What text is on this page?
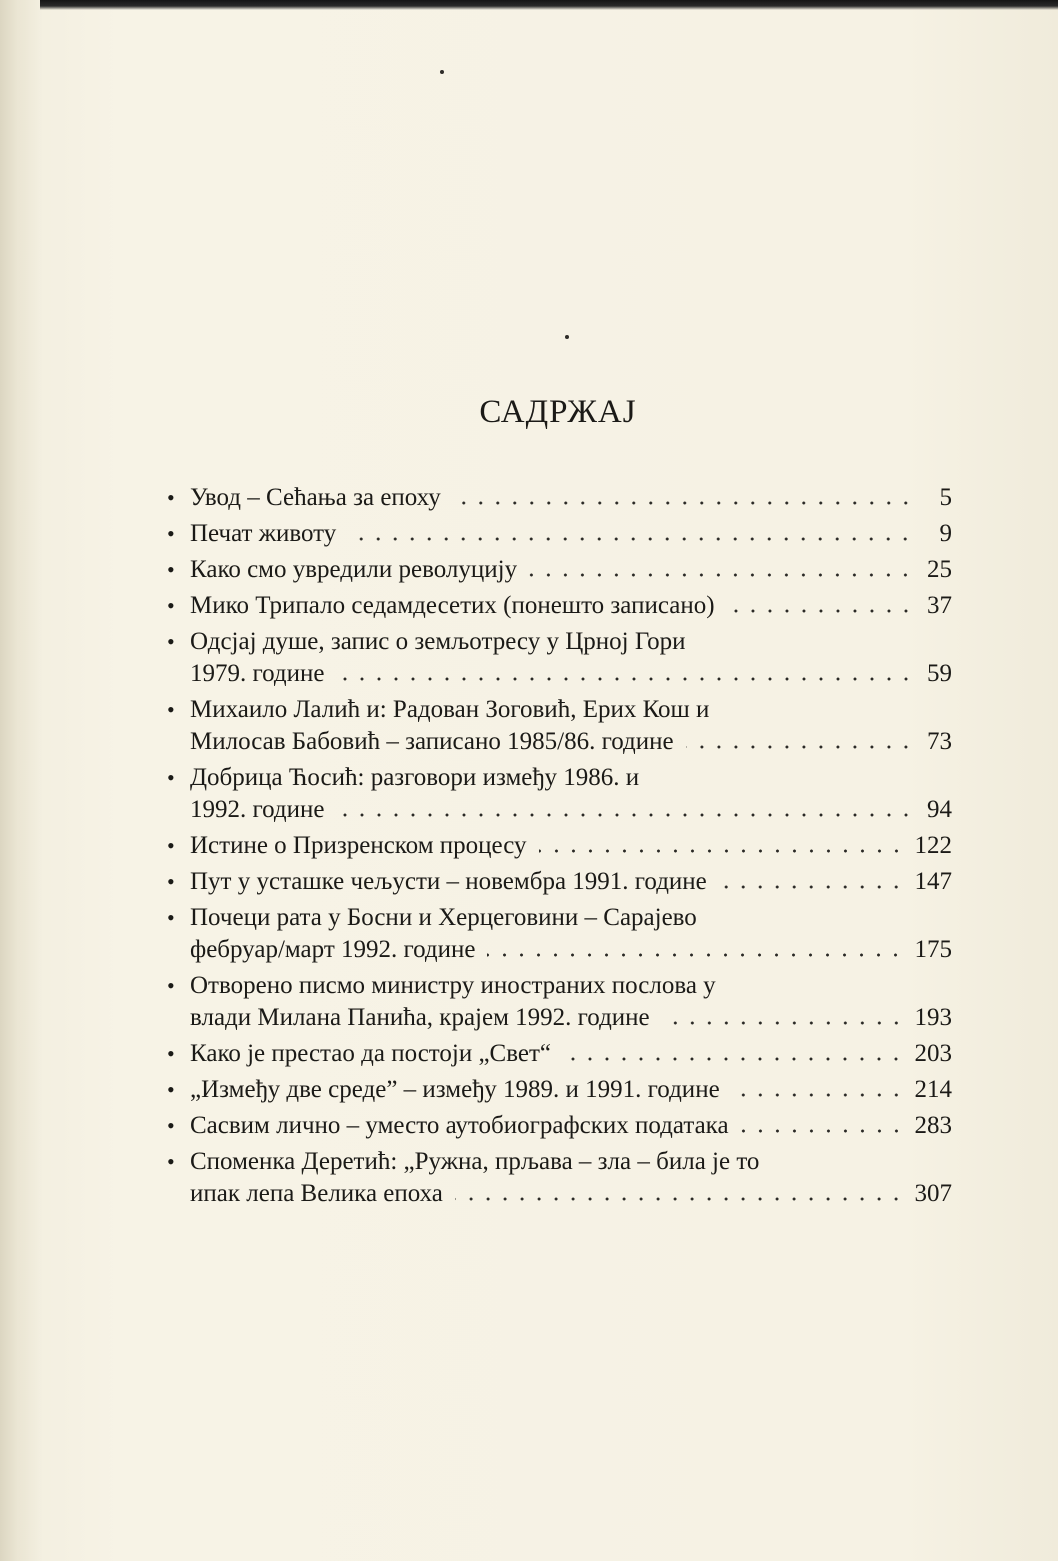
САДРЖАЈ
• Увод – Сећања за епоху	5
• Печат животу	9
• Како смо увредили револуцију	25
• Мико Трипало седамдесетих (понешто записано)	37
• Одсјај душе, запис о земљотресу у Црној Гори
1979. године	59
• Михаило Лалић и: Радован Зоговић, Ерих Кош и
Милосав Бабовић – записано 1985/86. године	73
• Добрица Ћосић: разговори између 1986. и
1992. године	94
• Истине о Призренском процесу	122
• Пут у усташке чељусти – новембра 1991. године	147
• Почеци рата у Босни и Херцеговини – Сарајево
фебруар/март 1992. године	175
• Отворено писмо министру иностраних послова у
влади Милана Панића, крајем 1992. године	193
• Како је престао да постоји „Свет“	203
• „Између две среде” – између 1989. и 1991. године	214
• Сасвим лично – уместо аутобиографских података	283
• Споменка Деретић: „Ружна, прљава – зла – била је то
ипак лепа Велика епоха	307
